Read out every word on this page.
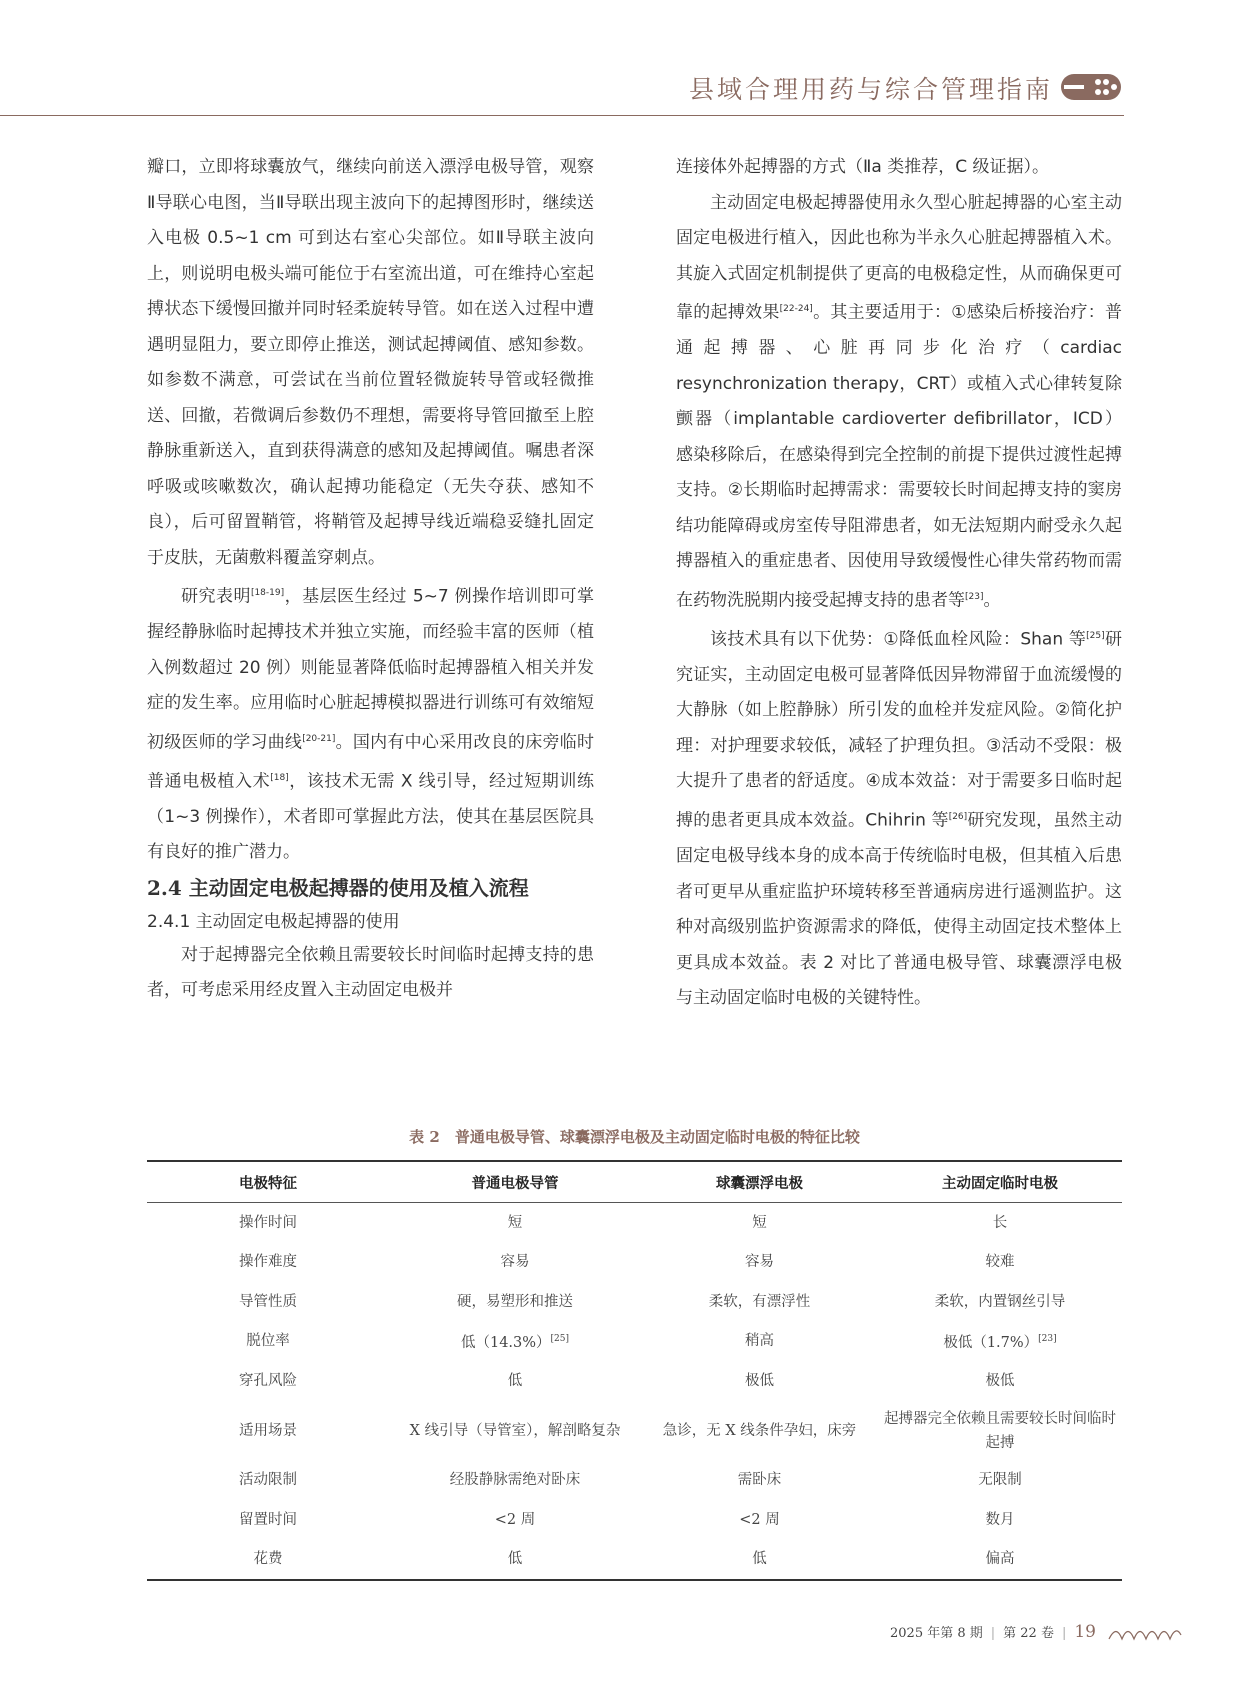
县域合理用药与综合管理指南

瓣口，立即将球囊放气，继续向前送入漂浮电极导管，观察Ⅱ导联心电图，当Ⅱ导联出现主波向下的起搏图形时，继续送入电极 0.5~1 cm 可到达右室心尖部位。如Ⅱ导联主波向上，则说明电极头端可能位于右室流出道，可在维持心室起搏状态下缓慢回撤并同时轻柔旋转导管。如在送入过程中遭遇明显阻力，要立即停止推送，测试起搏阈值、感知参数。如参数不满意，可尝试在当前位置轻微旋转导管或轻微推送、回撤，若微调后参数仍不理想，需要将导管回撤至上腔静脉重新送入，直到获得满意的感知及起搏阈值。嘱患者深呼吸或咳嗽数次，确认起搏功能稳定（无失夺获、感知不良），后可留置鞘管，将鞘管及起搏导线近端稳妥缝扎固定于皮肤，无菌敷料覆盖穿刺点。

研究表明[18-19]，基层医生经过 5~7 例操作培训即可掌握经静脉临时起搏技术并独立实施，而经验丰富的医师（植入例数超过 20 例）则能显著降低临时起搏器植入相关并发症的发生率。应用临时心脏起搏模拟器进行训练可有效缩短初级医师的学习曲线[20-21]。国内有中心采用改良的床旁临时普通电极植入术[18]，该技术无需 X 线引导，经过短期训练（1~3 例操作），术者即可掌握此方法，使其在基层医院具有良好的推广潜力。

2.4 主动固定电极起搏器的使用及植入流程
2.4.1 主动固定电极起搏器的使用

对于起搏器完全依赖且需要较长时间临时起搏支持的患者，可考虑采用经皮置入主动固定电极并

连接体外起搏器的方式（Ⅱa 类推荐，C 级证据）。

主动固定电极起搏器使用永久型心脏起搏器的心室主动固定电极进行植入，因此也称为半永久心脏起搏器植入术。其旋入式固定机制提供了更高的电极稳定性，从而确保更可靠的起搏效果[22-24]。其主要适用于：①感染后桥接治疗：普通起搏器、心脏再同步化治疗（cardiac resynchronization therapy，CRT）或植入式心律转复除颤器（implantable cardioverter defibrillator，ICD）感染移除后，在感染得到完全控制的前提下提供过渡性起搏支持。②长期临时起搏需求：需要较长时间起搏支持的窦房结功能障碍或房室传导阻滞患者，如无法短期内耐受永久起搏器植入的重症患者、因使用导致缓慢性心律失常药物而需在药物洗脱期内接受起搏支持的患者等[23]。

该技术具有以下优势：①降低血栓风险：Shan 等[25]研究证实，主动固定电极可显著降低因异物滞留于血流缓慢的大静脉（如上腔静脉）所引发的血栓并发症风险。②简化护理：对护理要求较低，减轻了护理负担。③活动不受限：极大提升了患者的舒适度。④成本效益：对于需要多日临时起搏的患者更具成本效益。Chihrin 等[26]研究发现，虽然主动固定电极导线本身的成本高于传统临时电极，但其植入后患者可更早从重症监护环境转移至普通病房进行遥测监护。这种对高级别监护资源需求的降低，使得主动固定技术整体上更具成本效益。表 2 对比了普通电极导管、球囊漂浮电极与主动固定临时电极的关键特性。

表 2　普通电极导管、球囊漂浮电极及主动固定临时电极的特征比较
电极特征	普通电极导管	球囊漂浮电极	主动固定临时电极
操作时间	短	短	长
操作难度	容易	容易	较难
导管性质	硬，易塑形和推送	柔软，有漂浮性	柔软，内置钢丝引导
脱位率	低（14.3%）[25]	稍高	极低（1.7%）[23]
穿孔风险	低	极低	极低
适用场景	X 线引导（导管室），解剖略复杂	急诊，无 X 线条件孕妇，床旁	起搏器完全依赖且需要较长时间临时起搏
活动限制	经股静脉需绝对卧床	需卧床	无限制
留置时间	<2 周	<2 周	数月
花费	低	低	偏高
2025 年第 8 期 | 第 22 卷 | 19
